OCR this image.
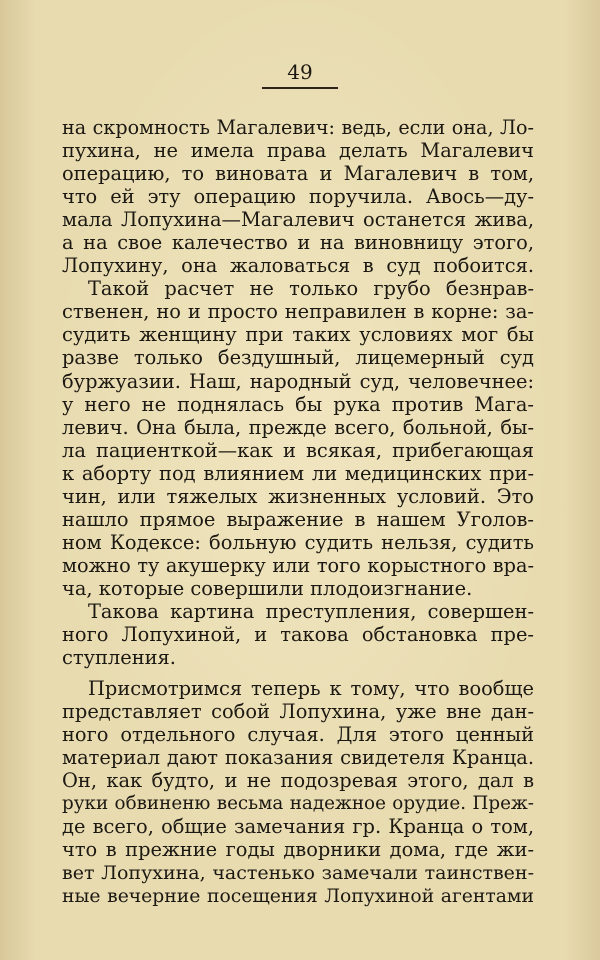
49
на скромность Магалевич: ведь, если она, Ло-
пухина, не имела права делать Магалевич
операцию, то виновата и Магалевич в том,
что ей эту операцию поручила. Авось—ду-
мала Лопухина—Магалевич останется жива,
а на свое калечество и на виновницу этого,
Лопухину, она жаловаться в суд побоится.
Такой расчет не только грубо безнрав-
ственен, но и просто неправилен в корне: за-
судить женщину при таких условиях мог бы
разве только бездушный, лицемерный суд
буржуазии. Наш, народный суд, человечнее:
у него не поднялась бы рука против Мага-
левич. Она была, прежде всего, больной, бы-
ла пациенткой—как и всякая, прибегающая
к аборту под влиянием ли медицинских при-
чин, или тяжелых жизненных условий. Это
нашло прямое выражение в нашем Уголов-
ном Кодексе: больную судить нельзя, судить
можно ту акушерку или того корыстного вра-
ча, которые совершили плодоизгнание.
Такова картина преступления, совершен-
ного Лопухиной, и такова обстановка пре-
ступления.
Присмотримся теперь к тому, что вообще
представляет собой Лопухина, уже вне дан-
ного отдельного случая. Для этого ценный
материал дают показания свидетеля Кранца.
Он, как будто, и не подозревая этого, дал в
руки обвиненю весьма надежное орудие. Преж-
де всего, общие замечания гр. Кранца о том,
что в прежние годы дворники дома, где жи-
вет Лопухина, частенько замечали таинствен-
ные вечерние посещения Лопухиной агентами
